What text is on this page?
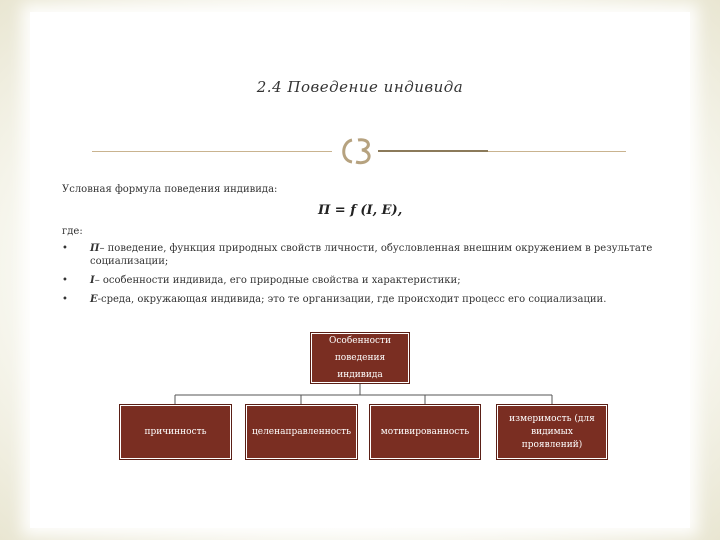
2.4 Поведение индивида
Условная формула поведения индивида:
П = f (I, E),
где:
• П– поведение, функция природных свойств личности, обусловленная внешним окружением в результате социализации;
• I– особенности индивида, его природные свойства и характеристики;
• E-среда, окружающая индивида; это те организации, где происходит процесс его социализации.
Особенности поведения индивида
причинность	целенаправленность	мотивированность
измеримость (для видимых проявлений)
